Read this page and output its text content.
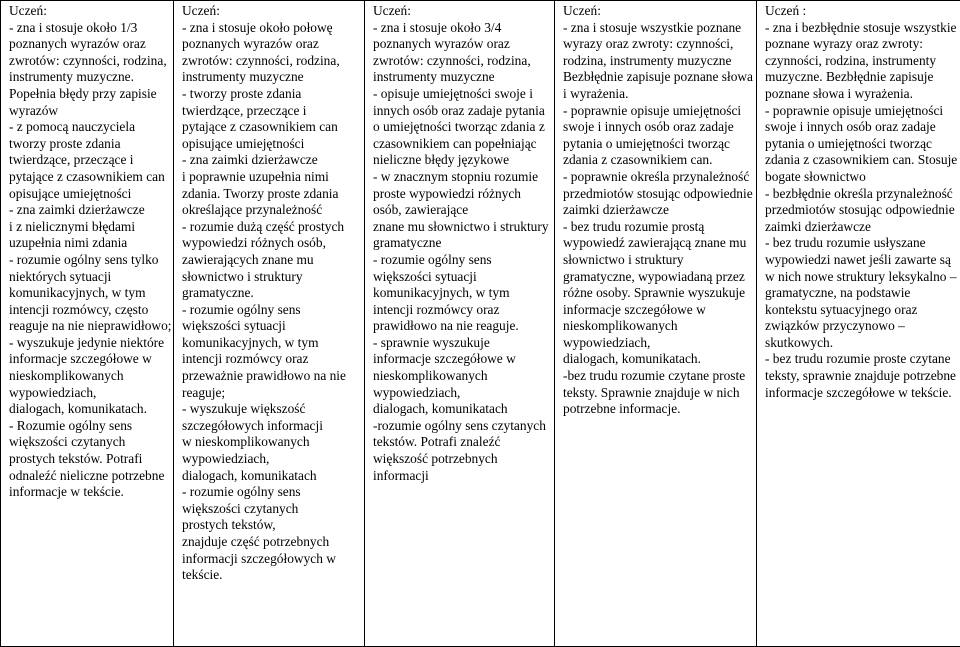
Uczeń:
- zna i stosuje około 1/3
poznanych wyrazów oraz
zwrotów: czynności, rodzina,
instrumenty muzyczne.
Popełnia błędy przy zapisie
wyrazów
- z pomocą nauczyciela
tworzy proste zdania
twierdzące, przeczące i
pytające z czasownikiem can
opisujące umiejętności
- zna zaimki dzierżawcze
i z nielicznymi błędami
uzupełnia nimi zdania
- rozumie ogólny sens tylko
niektórych sytuacji
komunikacyjnych, w tym
intencji rozmówcy, często
reaguje na nie nieprawidłowo;
- wyszukuje jedynie niektóre
informacje szczegółowe w
nieskomplikowanych
wypowiedziach,
dialogach, komunikatach.
- Rozumie ogólny sens
większości czytanych
prostych tekstów. Potrafi
odnaleźć nieliczne potrzebne
informacje w tekście.

Uczeń:
- zna i stosuje około połowę
poznanych wyrazów oraz
zwrotów: czynności, rodzina,
instrumenty muzyczne
- tworzy proste zdania
twierdzące, przeczące i
pytające z czasownikiem can
opisujące umiejętności
- zna zaimki dzierżawcze
i poprawnie uzupełnia nimi
zdania. Tworzy proste zdania
określające przynależność
- rozumie dużą część prostych
wypowiedzi różnych osób,
zawierających znane mu
słownictwo i struktury
gramatyczne.
- rozumie ogólny sens
większości sytuacji
komunikacyjnych, w tym
intencji rozmówcy oraz
przeważnie prawidłowo na nie
reaguje;
- wyszukuje większość
szczegółowych informacji
w nieskomplikowanych
wypowiedziach,
dialogach, komunikatach
- rozumie ogólny sens
większości czytanych
prostych tekstów,
znajduje część potrzebnych
informacji szczegółowych w
tekście.

Uczeń:
- zna i stosuje około 3/4
poznanych wyrazów oraz
zwrotów: czynności, rodzina,
instrumenty muzyczne
- opisuje umiejętności swoje i
innych osób oraz zadaje pytania
o umiejętności tworząc zdania z
czasownikiem can popełniając
nieliczne błędy językowe
- w znacznym stopniu rozumie
proste wypowiedzi różnych
osób, zawierające
znane mu słownictwo i struktury
gramatyczne
- rozumie ogólny sens
większości sytuacji
komunikacyjnych, w tym
intencji rozmówcy oraz
prawidłowo na nie reaguje.
- sprawnie wyszukuje
informacje szczegółowe w
nieskomplikowanych
wypowiedziach,
dialogach, komunikatach
-rozumie ogólny sens czytanych
tekstów. Potrafi znaleźć
większość potrzebnych
informacji

Uczeń:
- zna i stosuje wszystkie poznane
wyrazy oraz zwroty: czynności,
rodzina, instrumenty muzyczne
Bezbłędnie zapisuje poznane słowa
i wyrażenia.
- poprawnie opisuje umiejętności
swoje i innych osób oraz zadaje
pytania o umiejętności tworząc
zdania z czasownikiem can.
- poprawnie określa przynależność
przedmiotów stosując odpowiednie
zaimki dzierżawcze
- bez trudu rozumie prostą
wypowiedź zawierającą znane mu
słownictwo i struktury
gramatyczne, wypowiadaną przez
różne osoby. Sprawnie wyszukuje
informacje szczegółowe w
nieskomplikowanych
wypowiedziach,
dialogach, komunikatach.
-bez trudu rozumie czytane proste
teksty. Sprawnie znajduje w nich
potrzebne informacje.

Uczeń :
- zna i bezbłędnie stosuje wszystkie
poznane wyrazy oraz zwroty:
czynności, rodzina, instrumenty
muzyczne. Bezbłędnie zapisuje
poznane słowa i wyrażenia.
- poprawnie opisuje umiejętności
swoje i innych osób oraz zadaje
pytania o umiejętności tworząc
zdania z czasownikiem can. Stosuje
bogate słownictwo
- bezbłędnie określa przynależność
przedmiotów stosując odpowiednie
zaimki dzierżawcze
- bez trudu rozumie usłyszane
wypowiedzi nawet jeśli zawarte są
w nich nowe struktury leksykalno –
gramatyczne, na podstawie
kontekstu sytuacyjnego oraz
związków przyczynowo –
skutkowych.
- bez trudu rozumie proste czytane
teksty, sprawnie znajduje potrzebne
informacje szczegółowe w tekście.
